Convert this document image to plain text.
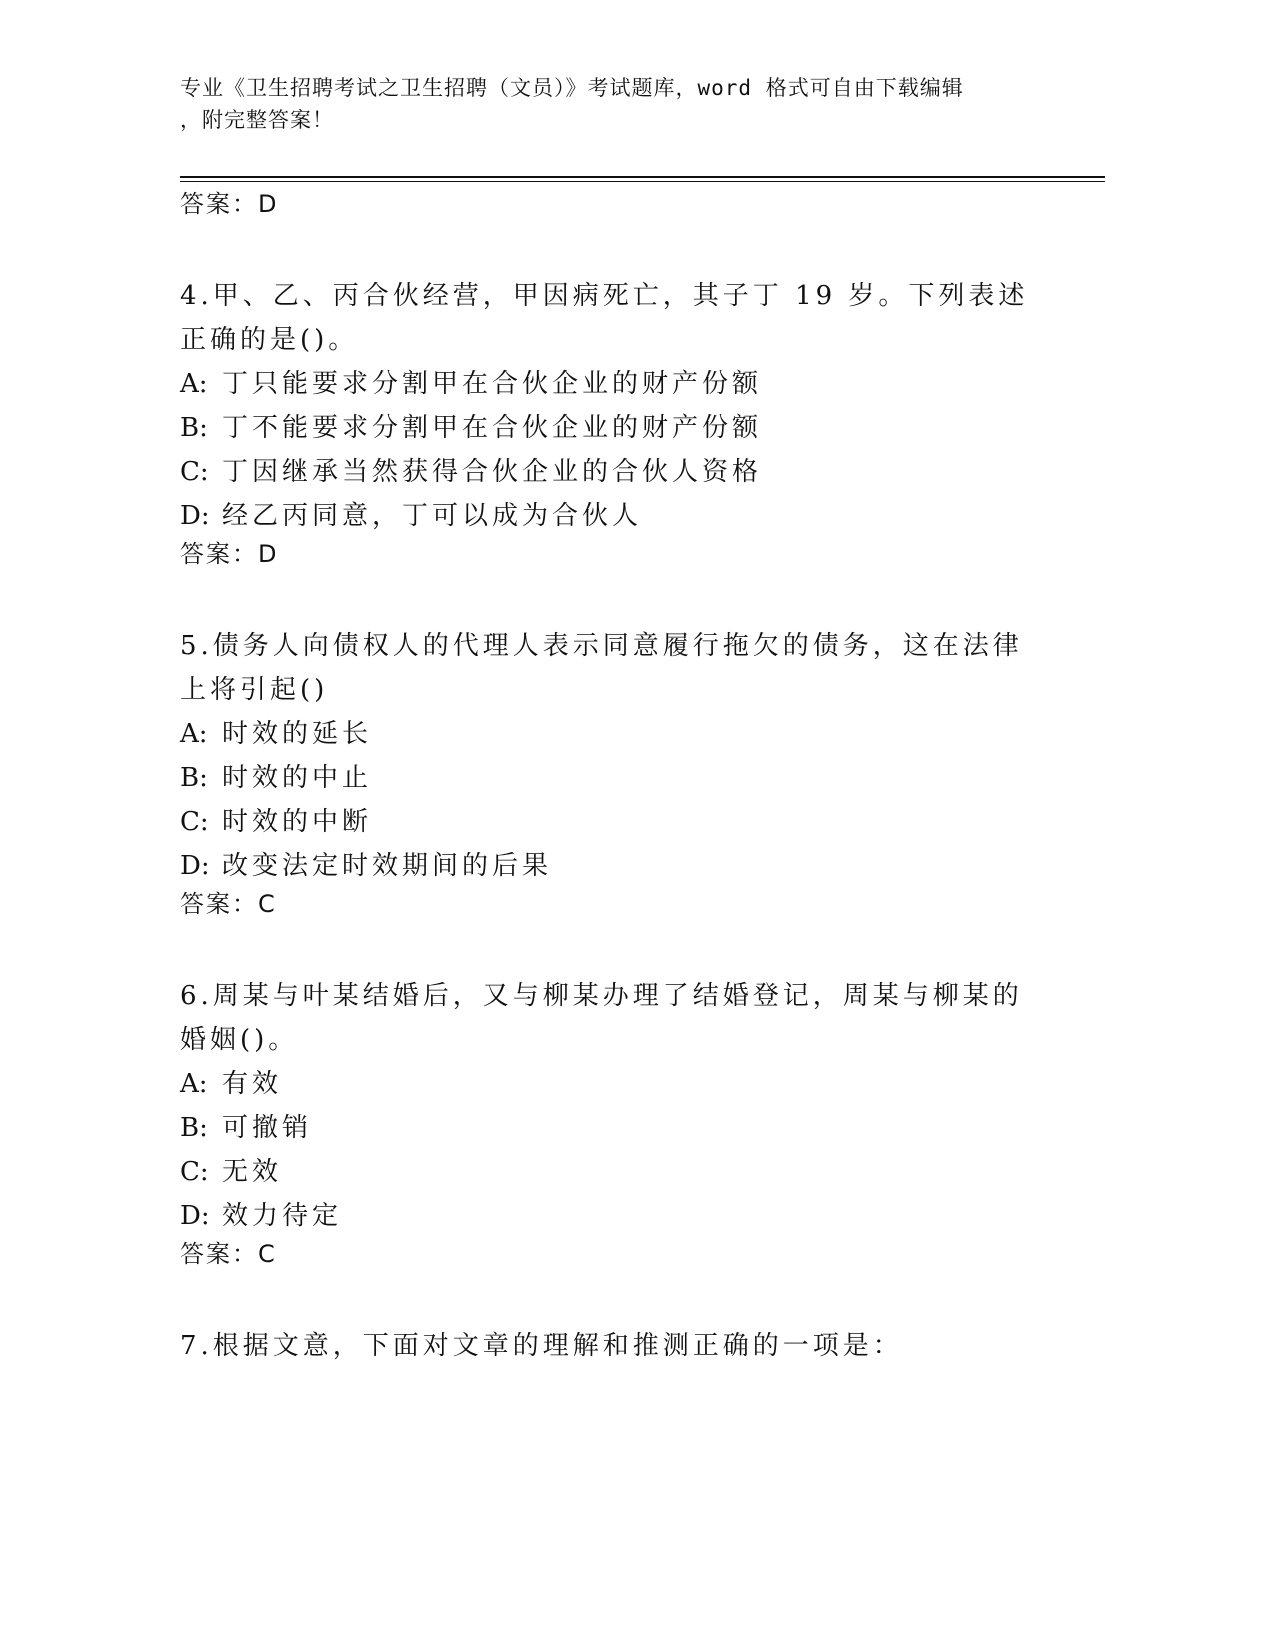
专业《卫生招聘考试之卫生招聘（文员）》考试题库，word 格式可自由下载编辑
，附完整答案！

答案：D

4.甲、乙、丙合伙经营，甲因病死亡，其子丁 19 岁。下列表述正确的是()。

A: 丁只能要求分割甲在合伙企业的财产份额

B: 丁不能要求分割甲在合伙企业的财产份额

C: 丁因继承当然获得合伙企业的合伙人资格

D: 经乙丙同意，丁可以成为合伙人

答案：D

5.债务人向债权人的代理人表示同意履行拖欠的债务，这在法律上将引起()

A: 时效的延长

B: 时效的中止

C: 时效的中断

D: 改变法定时效期间的后果

答案：C

6.周某与叶某结婚后，又与柳某办理了结婚登记，周某与柳某的婚姻()。

A: 有效

B: 可撤销

C: 无效

D: 效力待定

答案：C

7.根据文意，下面对文章的理解和推测正确的一项是：
